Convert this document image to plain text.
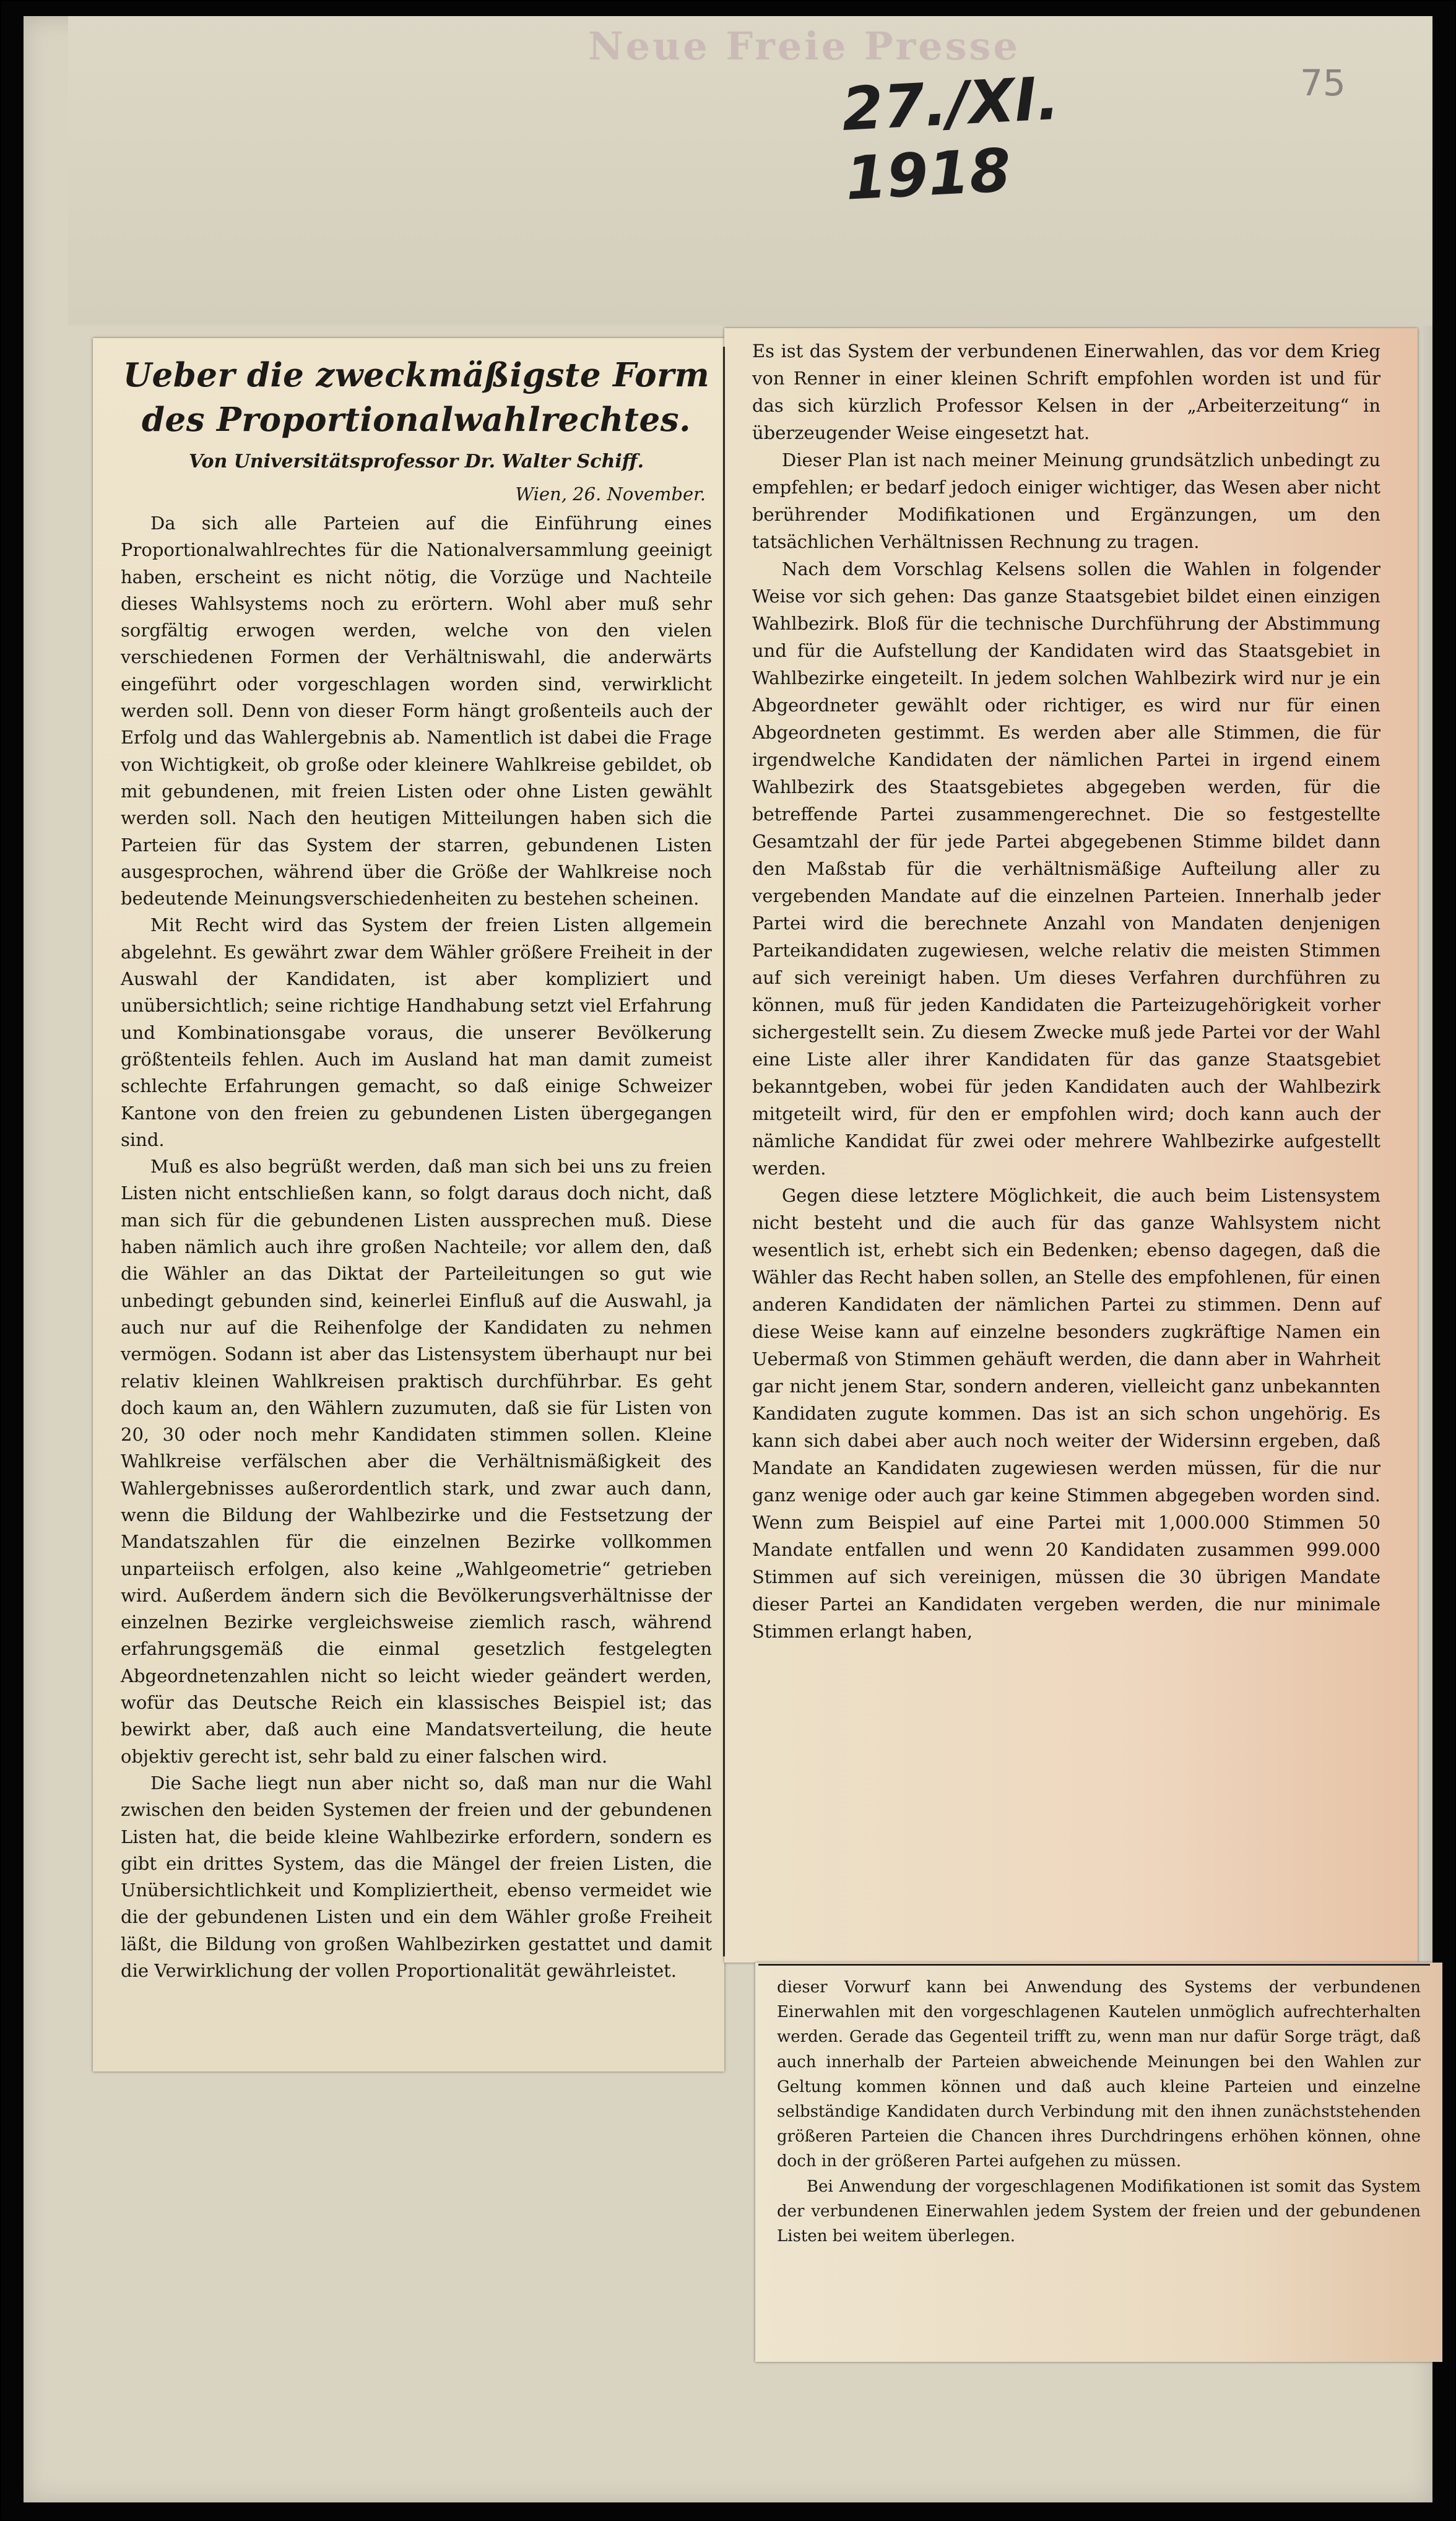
Neue Freie Presse
27./XI. 1918
75
Ueber die zweckmäßigste Form des Proportionalwahlrechtes.
Von Universitätsprofessor Dr. Walter Schiff.
Wien, 26. November.

Da sich alle Parteien auf die Einführung eines Proportionalwahlrechtes für die Nationalversammlung geeinigt haben, erscheint es nicht nötig, die Vorzüge und Nachteile dieses Wahlsystems noch zu erörtern. Wohl aber muß sehr sorgfältig erwogen werden, welche von den vielen verschiedenen Formen der Verhältniswahl, die anderwärts eingeführt oder vorgeschlagen worden sind, verwirklicht werden soll. Denn von dieser Form hängt großenteils auch der Erfolg und das Wahlergebnis ab. Namentlich ist dabei die Frage von Wichtigkeit, ob große oder kleinere Wahlkreise gebildet, ob mit gebundenen, mit freien Listen oder ohne Listen gewählt werden soll. Nach den heutigen Mitteilungen haben sich die Parteien für das System der starren, gebundenen Listen ausgesprochen, während über die Größe der Wahlkreise noch bedeutende Meinungsverschiedenheiten zu bestehen scheinen.

Mit Recht wird das System der freien Listen allgemein abgelehnt. Es gewährt zwar dem Wähler größere Freiheit in der Auswahl der Kandidaten, ist aber kompliziert und unübersichtlich; seine richtige Handhabung setzt viel Erfahrung und Kombinationsgabe voraus, die unserer Bevölkerung größtenteils fehlen. Auch im Ausland hat man damit zumeist schlechte Erfahrungen gemacht, so daß einige Schweizer Kantone von den freien zu gebundenen Listen übergegangen sind.

Muß es also begrüßt werden, daß man sich bei uns zu freien Listen nicht entschließen kann, so folgt daraus doch nicht, daß man sich für die gebundenen Listen aussprechen muß. Diese haben nämlich auch ihre großen Nachteile; vor allem den, daß die Wähler an das Diktat der Parteileitungen so gut wie unbedingt gebunden sind, keinerlei Einfluß auf die Auswahl, ja auch nur auf die Reihenfolge der Kandidaten zu nehmen vermögen. Sodann ist aber das Listensystem überhaupt nur bei relativ kleinen Wahlkreisen praktisch durchführbar. Es geht doch kaum an, den Wählern zuzumuten, daß sie für Listen von 20, 30 oder noch mehr Kandidaten stimmen sollen. Kleine Wahlkreise verfälschen aber die Verhältnismäßigkeit des Wahlergebnisses außerordentlich stark, und zwar auch dann, wenn die Bildung der Wahlbezirke und die Festsetzung der Mandatszahlen für die einzelnen Bezirke vollkommen unparteiisch erfolgen, also keine „Wahlgeometrie“ getrieben wird. Außerdem ändern sich die Bevölkerungsverhältnisse der einzelnen Bezirke vergleichsweise ziemlich rasch, während erfahrungsgemäß die einmal gesetzlich festgelegten Abgeordnetenzahlen nicht so leicht wieder geändert werden, wofür das Deutsche Reich ein klassisches Beispiel ist; das bewirkt aber, daß auch eine Mandatsverteilung, die heute objektiv gerecht ist, sehr bald zu einer falschen wird.

Die Sache liegt nun aber nicht so, daß man nur die Wahl zwischen den beiden Systemen der freien und der gebundenen Listen hat, die beide kleine Wahlbezirke erfordern, sondern es gibt ein drittes System, das die Mängel der freien Listen, die Unübersichtlichkeit und Kompliziertheit, ebenso vermeidet wie die der gebundenen Listen und ein dem Wähler große Freiheit läßt, die Bildung von großen Wahlbezirken gestattet und damit die Verwirklichung der vollen Proportionalität gewährleistet.

Es ist das System der verbundenen Einerwahlen, das vor dem Krieg von Renner in einer kleinen Schrift empfohlen worden ist und für das sich kürzlich Professor Kelsen in der „Arbeiterzeitung“ in überzeugender Weise eingesetzt hat.

Dieser Plan ist nach meiner Meinung grundsätzlich unbedingt zu empfehlen; er bedarf jedoch einiger wichtiger, das Wesen aber nicht berührender Modifikationen und Ergänzungen, um den tatsächlichen Verhältnissen Rechnung zu tragen.

Nach dem Vorschlag Kelsens sollen die Wahlen in folgender Weise vor sich gehen: Das ganze Staatsgebiet bildet einen einzigen Wahlbezirk. Bloß für die technische Durchführung der Abstimmung und für die Aufstellung der Kandidaten wird das Staatsgebiet in Wahlbezirke eingeteilt. In jedem solchen Wahlbezirk wird nur je ein Abgeordneter gewählt oder richtiger, es wird nur für einen Abgeordneten gestimmt. Es werden aber alle Stimmen, die für irgendwelche Kandidaten der nämlichen Partei in irgend einem Wahlbezirk des Staatsgebietes abgegeben werden, für die betreffende Partei zusammengerechnet. Die so festgestellte Gesamtzahl der für jede Partei abgegebenen Stimme bildet dann den Maßstab für die verhältnismäßige Aufteilung aller zu vergebenden Mandate auf die einzelnen Parteien. Innerhalb jeder Partei wird die berechnete Anzahl von Mandaten denjenigen Parteikandidaten zugewiesen, welche relativ die meisten Stimmen auf sich vereinigt haben. Um dieses Verfahren durchführen zu können, muß für jeden Kandidaten die Parteizugehörigkeit vorher sichergestellt sein. Zu diesem Zwecke muß jede Partei vor der Wahl eine Liste aller ihrer Kandidaten für das ganze Staatsgebiet bekanntgeben, wobei für jeden Kandidaten auch der Wahlbezirk mitgeteilt wird, für den er empfohlen wird; doch kann auch der nämliche Kandidat für zwei oder mehrere Wahlbezirke aufgestellt werden.

Gegen diese letztere Möglichkeit, die auch beim Listensystem nicht besteht und die auch für das ganze Wahlsystem nicht wesentlich ist, erhebt sich ein Bedenken; ebenso dagegen, daß die Wähler das Recht haben sollen, an Stelle des empfohlenen, für einen anderen Kandidaten der nämlichen Partei zu stimmen. Denn auf diese Weise kann auf einzelne besonders zugkräftige Namen ein Uebermaß von Stimmen gehäuft werden, die dann aber in Wahrheit gar nicht jenem Star, sondern anderen, vielleicht ganz unbekannten Kandidaten zugute kommen. Das ist an sich schon ungehörig. Es kann sich dabei aber auch noch weiter der Widersinn ergeben, daß Mandate an Kandidaten zugewiesen werden müssen, für die nur ganz wenige oder auch gar keine Stimmen abgegeben worden sind. Wenn zum Beispiel auf eine Partei mit 1,000.000 Stimmen 50 Mandate entfallen und wenn 20 Kandidaten zusammen 999.000 Stimmen auf sich vereinigen, müssen die 30 übrigen Mandate dieser Partei an Kandidaten vergeben werden, die nur minimale Stimmen erlangt haben,

dieser Vorwurf kann bei Anwendung des Systems der verbundenen Einerwahlen mit den vorgeschlagenen Kautelen unmöglich aufrechterhalten werden. Gerade das Gegenteil trifft zu, wenn man nur dafür Sorge trägt, daß auch innerhalb der Parteien abweichende Meinungen bei den Wahlen zur Geltung kommen können und daß auch kleine Parteien und einzelne selbständige Kandidaten durch Verbindung mit den ihnen zunächststehenden größeren Parteien die Chancen ihres Durchdringens erhöhen können, ohne doch in der größeren Partei aufgehen zu müssen.

Bei Anwendung der vorgeschlagenen Modifikationen ist somit das System der verbundenen Einerwahlen jedem System der freien und der gebundenen Listen bei weitem überlegen.
